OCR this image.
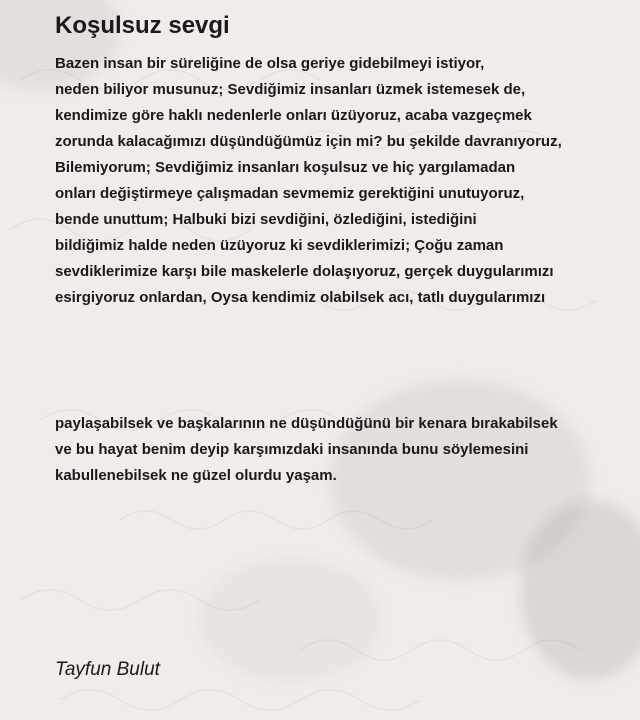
Koşulsuz sevgi
Bazen insan bir süreliğine de olsa geriye gidebilmeyi istiyor,
neden biliyor musunuz; Sevdiğimiz insanları üzmek istemesek de,
kendimize göre haklı nedenlerle onları üzüyoruz, acaba vazgeçmek
zorunda kalacağımızı düşündüğümüz için mi? bu şekilde davranıyoruz,
Bilemiyorum; Sevdiğimiz insanları koşulsuz ve hiç yargılamadan
onları değiştirmeye çalışmadan sevmemiz gerektiğini unutuyoruz,
bende unuttum; Halbuki bizi sevdiğini, özlediğini, istediğini
bildiğimiz halde neden üzüyoruz ki sevdiklerimizi; Çoğu zaman
sevdiklerimize karşı bile maskelerle dolaşıyoruz, gerçek duygularımızı
esirgiyoruz onlardan, Oysa kendimiz olabilsek acı, tatlı duygularımızı
paylaşabilsek ve başkalarının ne düşündüğünü bir kenara bırakabilsek
ve bu hayat benim deyip karşımızdaki insanında bunu söylemesini
kabullenebilsek ne güzel olurdu yaşam.

Tayfun Bulut
